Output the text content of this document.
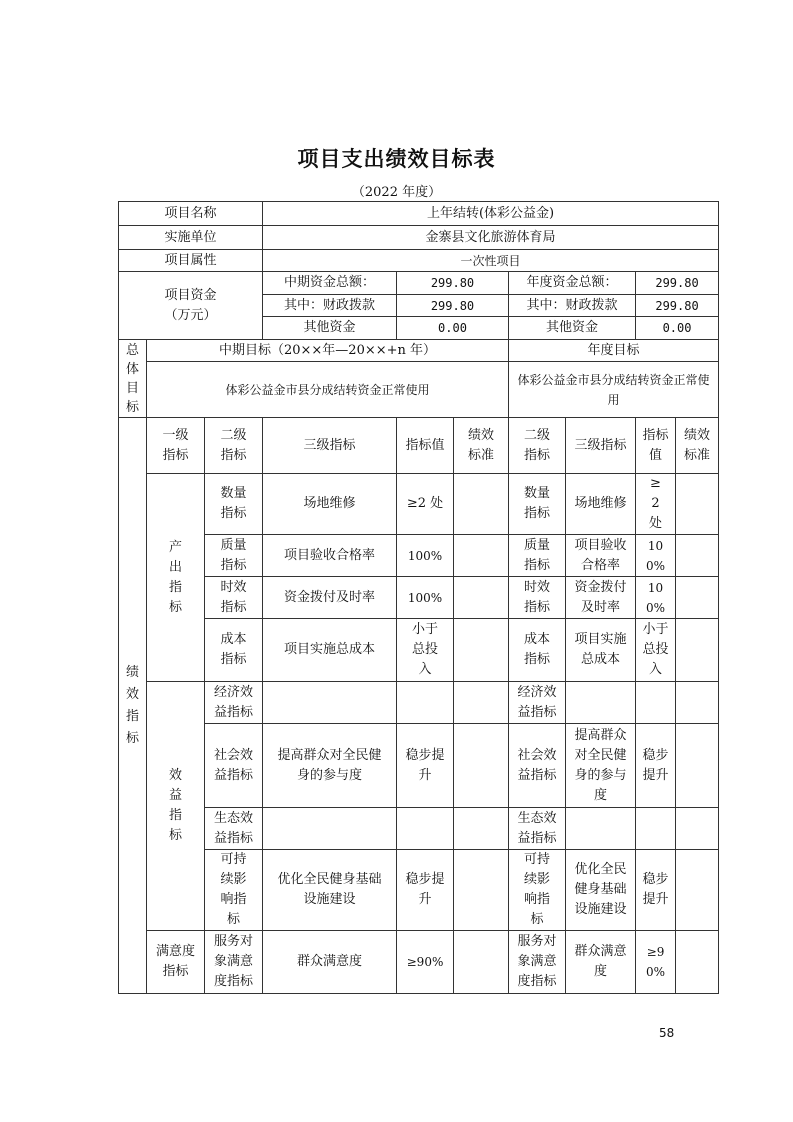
项目支出绩效目标表
（2022 年度）
项目名称			上年结转(体彩公益金)						
实施单位			金寨县文化旅游体育局						
项目属性			一次性项目						
项目资金（万元）			中期资金总额：	299.80		年度资金总额：		299.80	
			其中：财政拨款	299.80		其中：财政拨款		299.80	
			其他资金	0.00		其他资金		0.00	
总体目标	中期目标（20××年—20××+n 年）					年度目标			
	体彩公益金市县分成结转资金正常使用					体彩公益金市县分成结转资金正常使用			
绩效指标	一级指标	二级指标	三级指标	指标值	绩效标准	二级指标	三级指标	指标值	绩效标准
	产出指标	数量指标	场地维修	≥2 处		数量指标	场地维修	≥2 处	
		质量指标	项目验收合格率	100%		质量指标	项目验收合格率	100%	
		时效指标	资金拨付及时率	100%		时效指标	资金拨付及时率	100%	
		成本指标	项目实施总成本	小于总投入		成本指标	项目实施总成本	小于总投入	
	效益指标	经济效益指标				经济效益指标			
		社会效益指标	提高群众对全民健身的参与度	稳步提升		社会效益指标	提高群众对全民健身的参与度	稳步提升	
		生态效益指标				生态效益指标			
		可持续影响指标	优化全民健身基础设施建设	稳步提升		可持续影响指标	优化全民健身基础设施建设	稳步提升	
	满意度指标	服务对象满意度指标	群众满意度	≥90%		服务对象满意度指标	群众满意度	≥90%	
58
